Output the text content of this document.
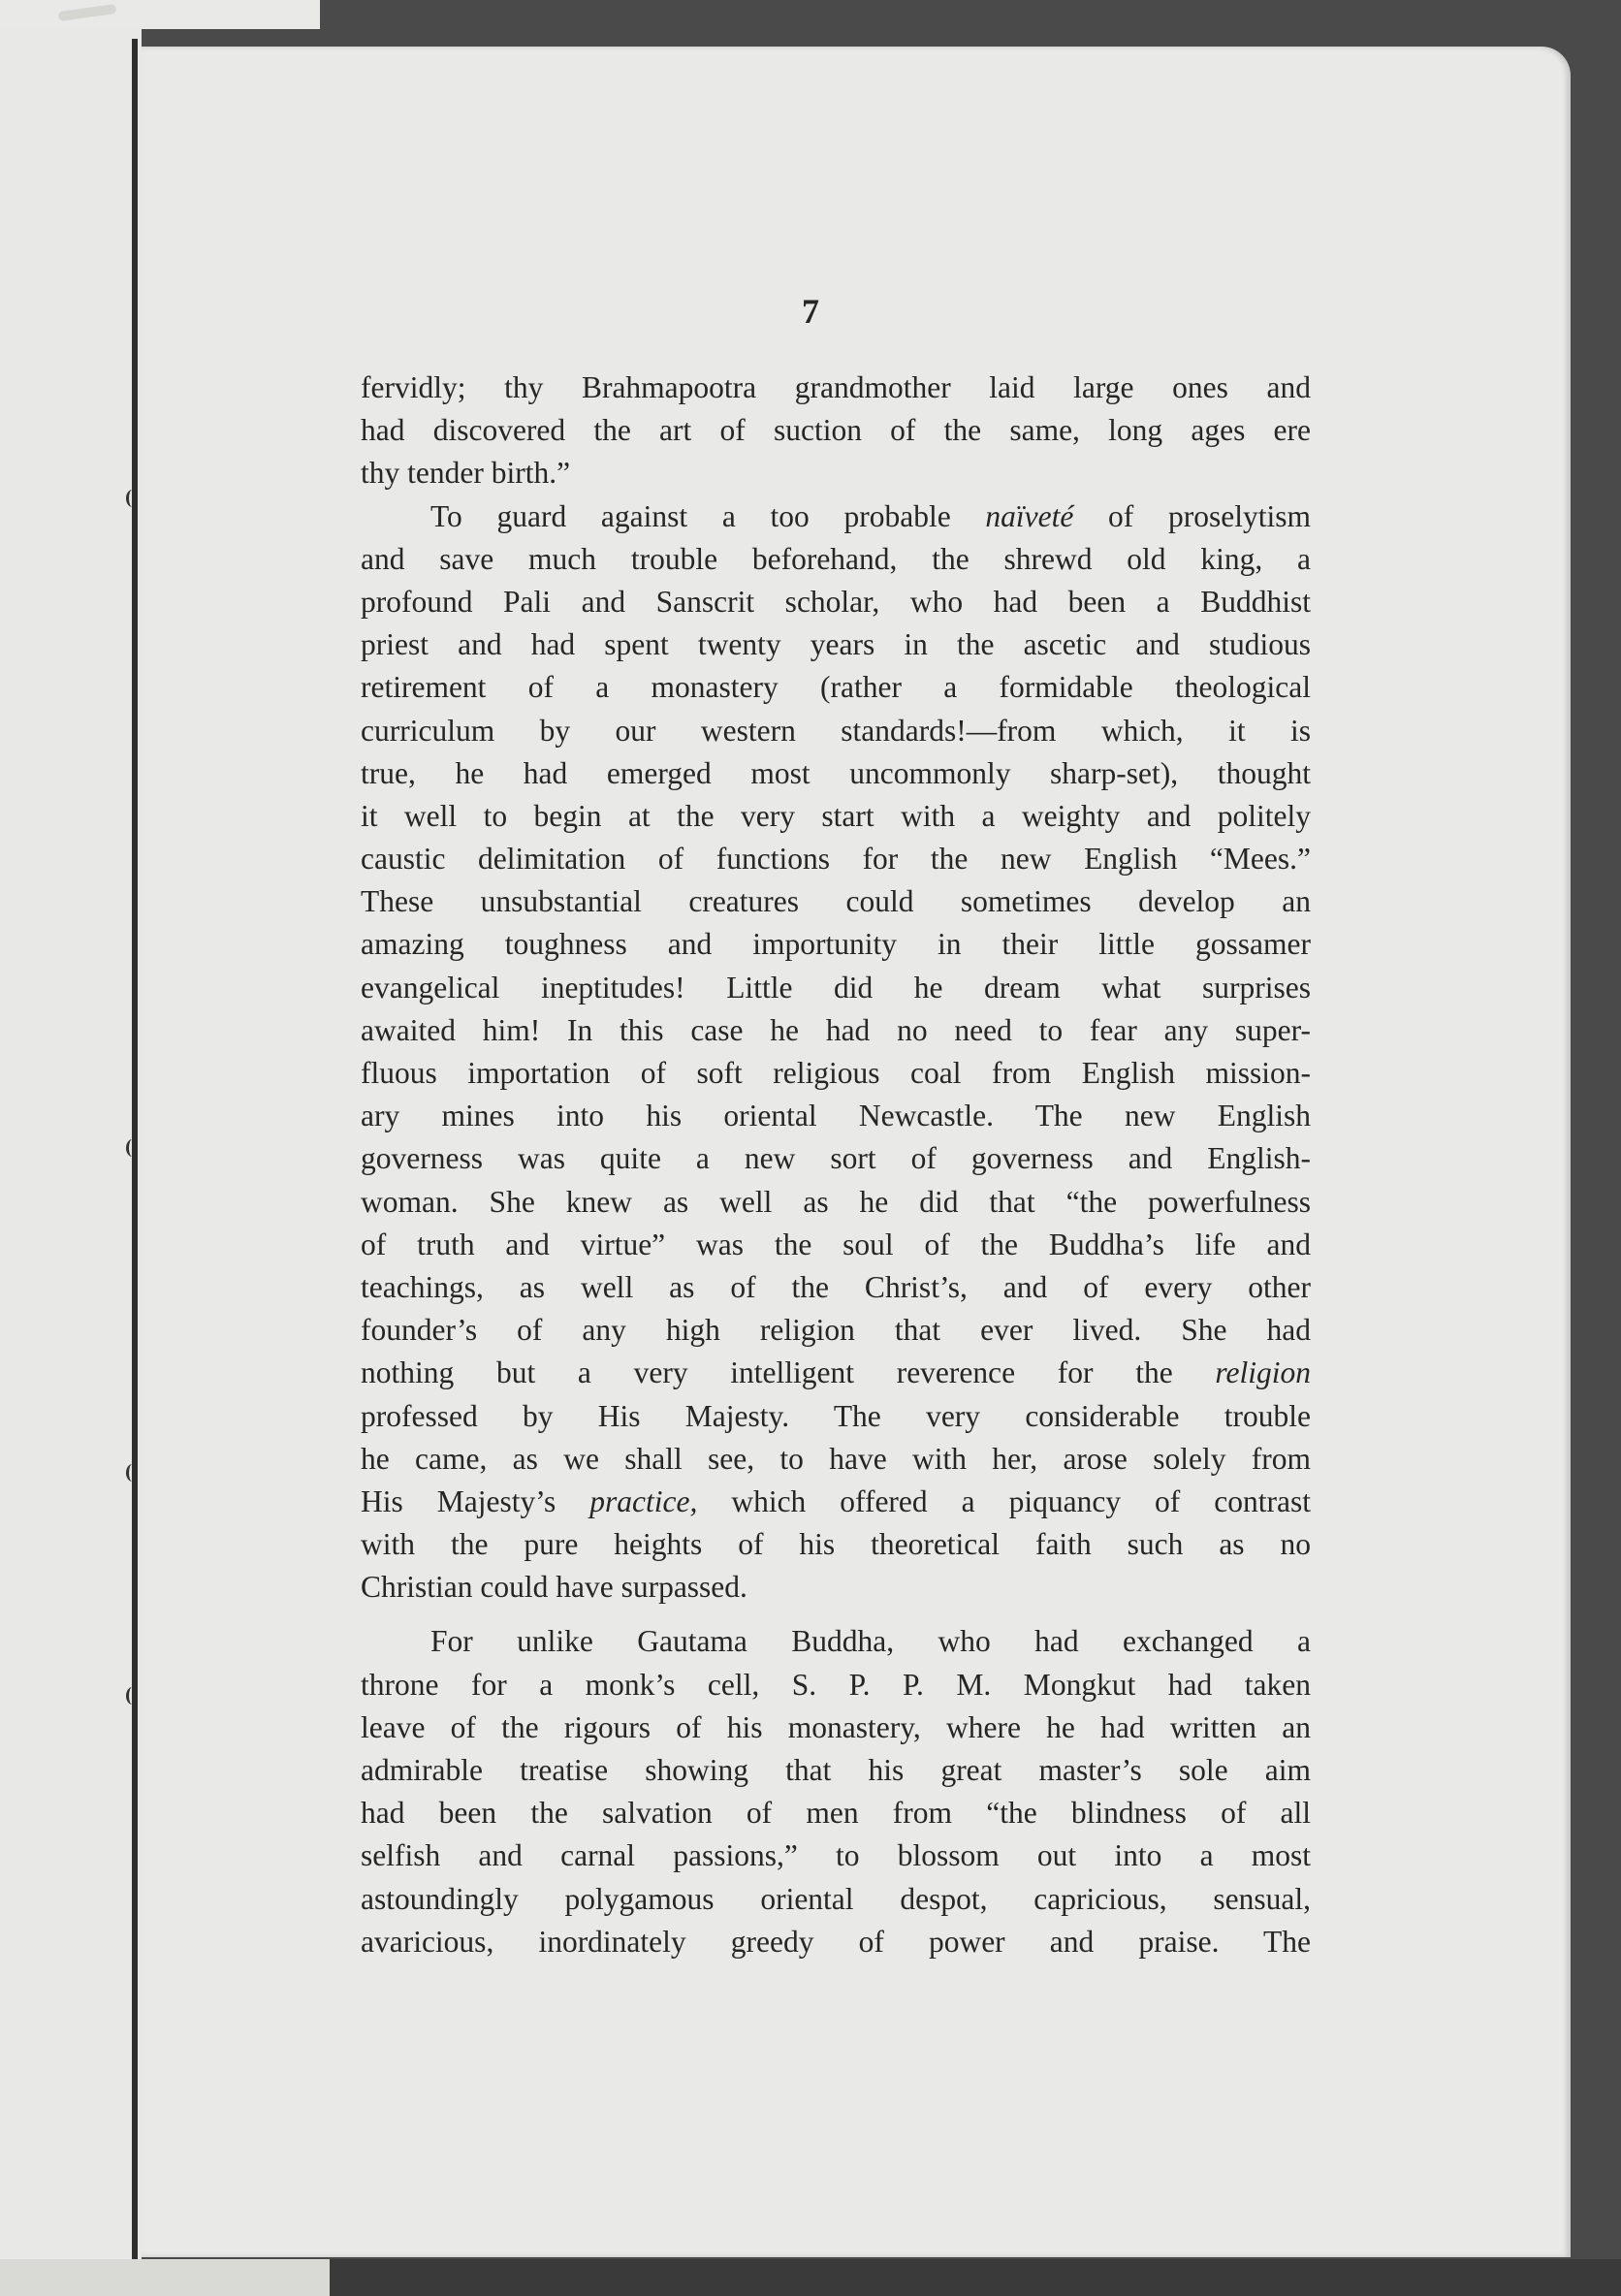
7
fervidly; thy Brahmapootra grandmother laid large ones and
had discovered the art of suction of the same, long ages ere
thy tender birth.”
To guard against a too probable naïveté of proselytism
and save much trouble beforehand, the shrewd old king, a
profound Pali and Sanscrit scholar, who had been a Buddhist
priest and had spent twenty years in the ascetic and studious
retirement of a monastery (rather a formidable theological
curriculum by our western standards!—from which, it is
true, he had emerged most uncommonly sharp-set), thought
it well to begin at the very start with a weighty and politely
caustic delimitation of functions for the new English “Mees.”
These unsubstantial creatures could sometimes develop an
amazing toughness and importunity in their little gossamer
evangelical ineptitudes! Little did he dream what surprises
awaited him! In this case he had no need to fear any super-
fluous importation of soft religious coal from English mission-
ary mines into his oriental Newcastle. The new English
governess was quite a new sort of governess and English-
woman. She knew as well as he did that “the powerfulness
of truth and virtue” was the soul of the Buddha’s life and
teachings, as well as of the Christ’s, and of every other
founder’s of any high religion that ever lived. She had
nothing but a very intelligent reverence for the religion
professed by His Majesty. The very considerable trouble
he came, as we shall see, to have with her, arose solely from
His Majesty’s practice, which offered a piquancy of contrast
with the pure heights of his theoretical faith such as no
Christian could have surpassed.
For unlike Gautama Buddha, who had exchanged a
throne for a monk’s cell, S. P. P. M. Mongkut had taken
leave of the rigours of his monastery, where he had written an
admirable treatise showing that his great master’s sole aim
had been the salvation of men from “the blindness of all
selfish and carnal passions,” to blossom out into a most
astoundingly polygamous oriental despot, capricious, sensual,
avaricious, inordinately greedy of power and praise. The
